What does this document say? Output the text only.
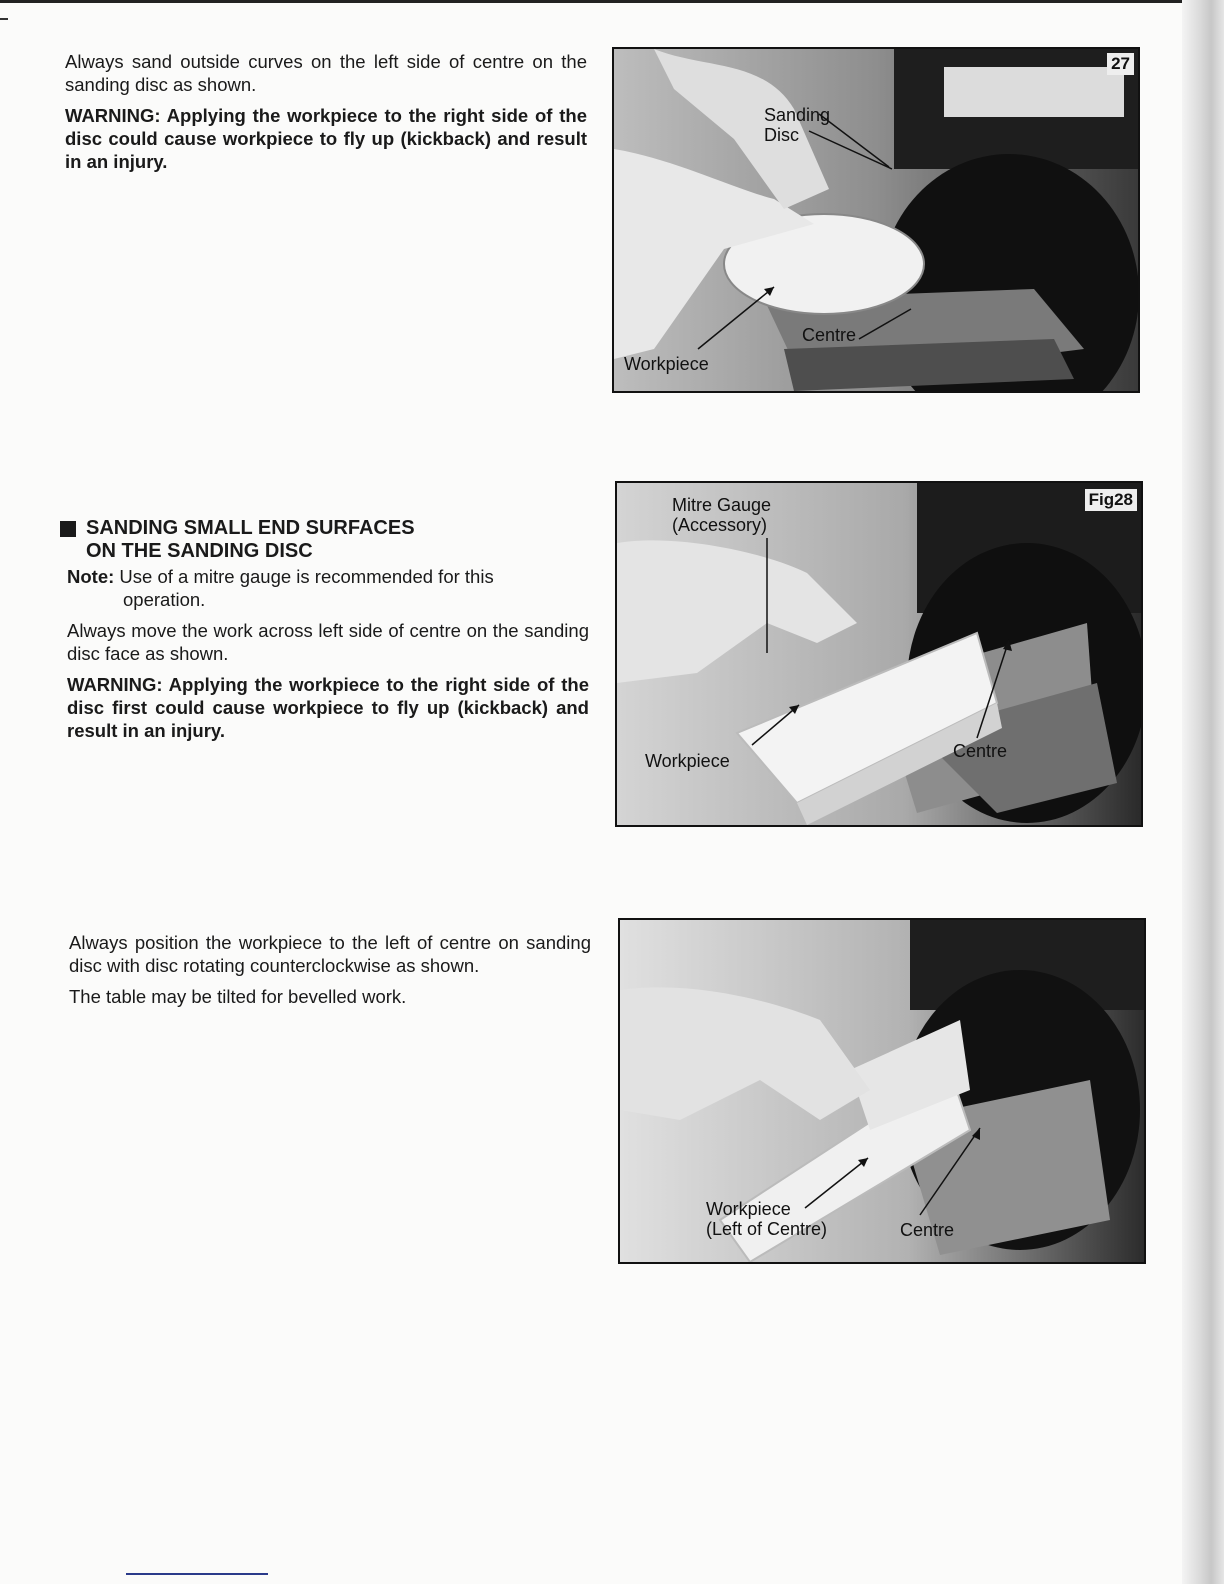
Always sand outside curves on the left side of centre on the sanding disc as shown.

WARNING: Applying the workpiece to the right side of the disc could cause workpiece to fly up (kickback) and result in an injury.

27
Sanding
Disc
Centre
Workpiece
SANDING SMALL END SURFACES
ON THE SANDING DISC

Note: Use of a mitre gauge is recommended for this
operation.

Always move the work across left side of centre on the sanding disc face as shown.

WARNING: Applying the workpiece to the right side of the disc first could cause workpiece to fly up (kickback) and result in an injury.

Fig28
Mitre Gauge
(Accessory)
Workpiece	Centre

Always position the workpiece to the left of centre on sanding disc with disc rotating counterclockwise as shown.

The table may be tilted for bevelled work.

Workpiece
(Left of Centre)	Centre
